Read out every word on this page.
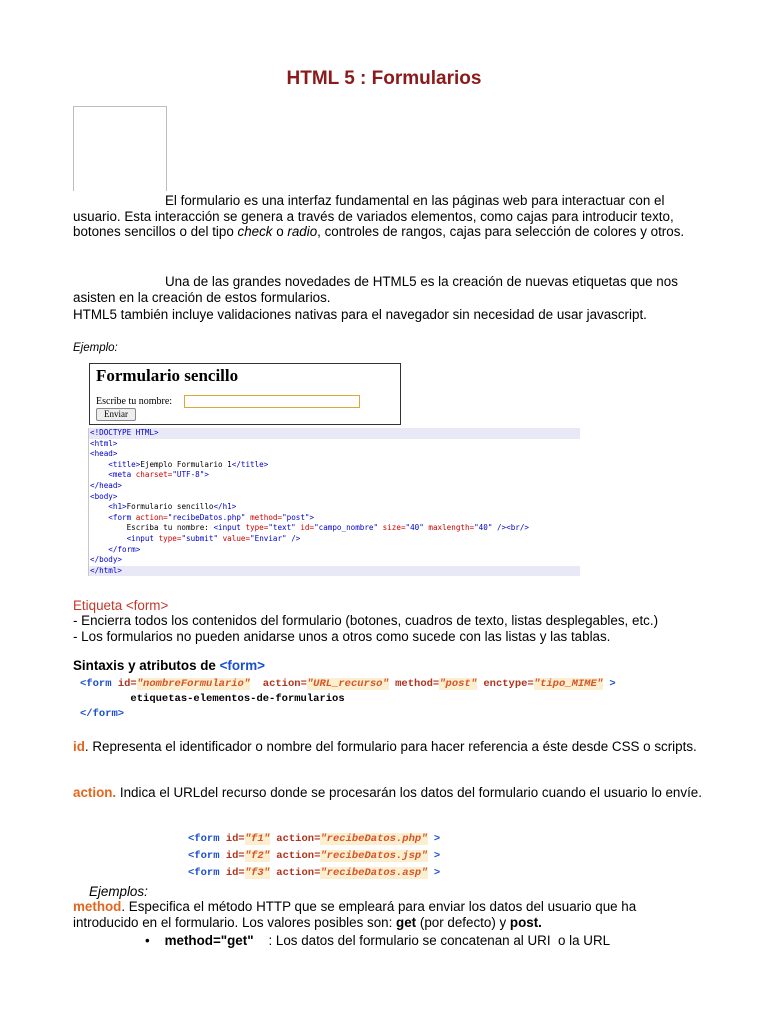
HTML 5 : Formularios
El formulario es una interfaz fundamental en las páginas web para interactuar con el
usuario. Esta interacción se genera a través de variados elementos, como cajas para introducir texto, botones sencillos o del tipo check o radio, controles de rangos, cajas para selección de colores y otros.
Una de las grandes novedades de HTML5 es la creación de nuevas etiquetas que nos
asisten en la creación de estos formularios.
HTML5 también incluye validaciones nativas para el navegador sin necesidad de usar javascript.
Ejemplo:
Formulario sencillo
Escribe tu nombre:
Enviar
<!DOCTYPE HTML>
<html>
<head>
<title>Ejemplo Formulario 1</title>
<meta charset="UTF-8">
</head>
<body>
<h1>Formulario sencillo</h1>
<form action="recibeDatos.php" method="post">
Escriba tu nombre: <input type="text" id="campo_nombre" size="40" maxlength="40" /><br/>
<input type="submit" value="Enviar" />
</form>
</body>
</html>
Etiqueta <form>
- Encierra todos los contenidos del formulario (botones, cuadros de texto, listas desplegables, etc.)
- Los formularios no pueden anidarse unos a otros como sucede con las listas y las tablas.
Sintaxis y atributos de <form>
<form id="nombreFormulario" action="URL_recurso" method="post" enctype="tipo_MIME" >
etiquetas-elementos-de-formularios
</form>
id. Representa el identificador o nombre del formulario para hacer referencia a éste desde CSS o scripts.
action. Indica el URLdel recurso donde se procesarán los datos del formulario cuando el usuario lo envíe.
<form id="f1" action="recibeDatos.php" >
<form id="f2" action="recibeDatos.jsp" >
<form id="f3" action="recibeDatos.asp" >
Ejemplos:
method. Especifica el método HTTP que se empleará para enviar los datos del usuario que ha introducido en el formulario. Los valores posibles son: get (por defecto) y post.
• method="get"    : Los datos del formulario se concatenan al URI  o la URL
